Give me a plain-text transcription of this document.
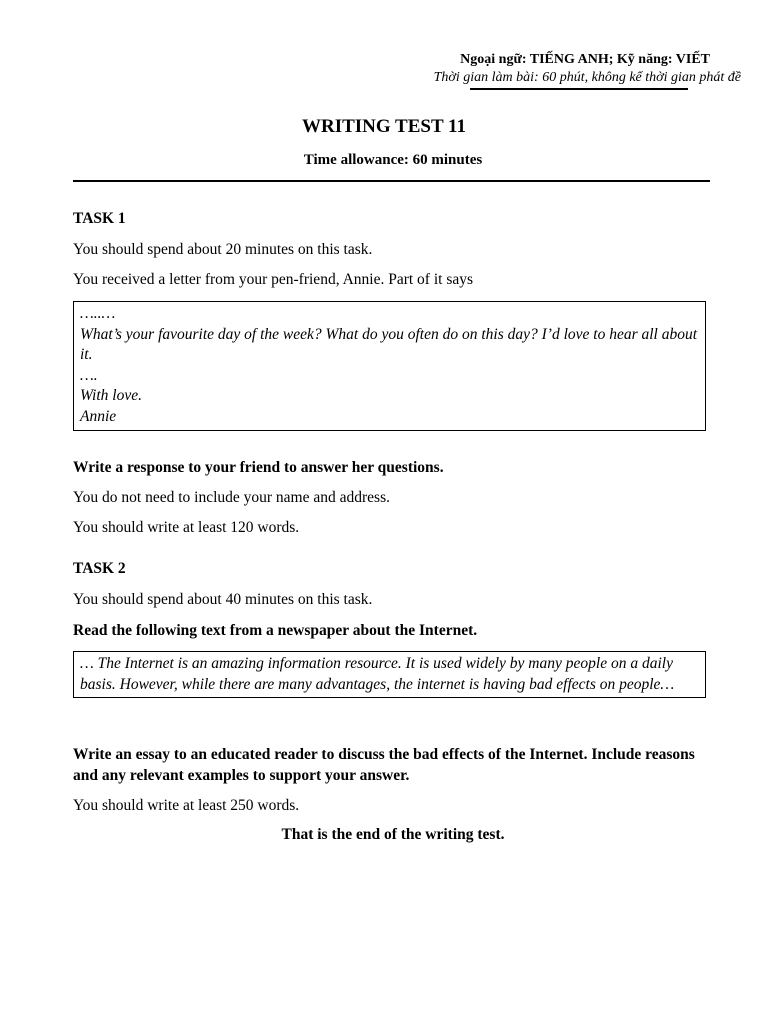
Ngoại ngữ: TIẾNG ANH; Kỹ năng: VIẾT
Thời gian làm bài: 60 phút, không kể thời gian phát đề
WRITING TEST 11
Time allowance: 60 minutes
TASK 1
You should spend about 20 minutes on this task.
You received a letter from your pen-friend, Annie. Part of it says
…..…
What’s your favourite day of the week? What do you often do on this day? I’d love to hear all about it.
….
With love.
Annie
Write a response to your friend to answer her questions.
You do not need to include your name and address.
You should write at least 120 words.
TASK 2
You should spend about 40 minutes on this task.
Read the following text from a newspaper about the Internet.
… The Internet is an amazing information resource. It is used widely by many people on a daily basis. However, while there are many advantages, the internet is having bad effects on people…
Write an essay to an educated reader to discuss the bad effects of the Internet. Include reasons and any relevant examples to support your answer.
You should write at least 250 words.
That is the end of the writing test.
